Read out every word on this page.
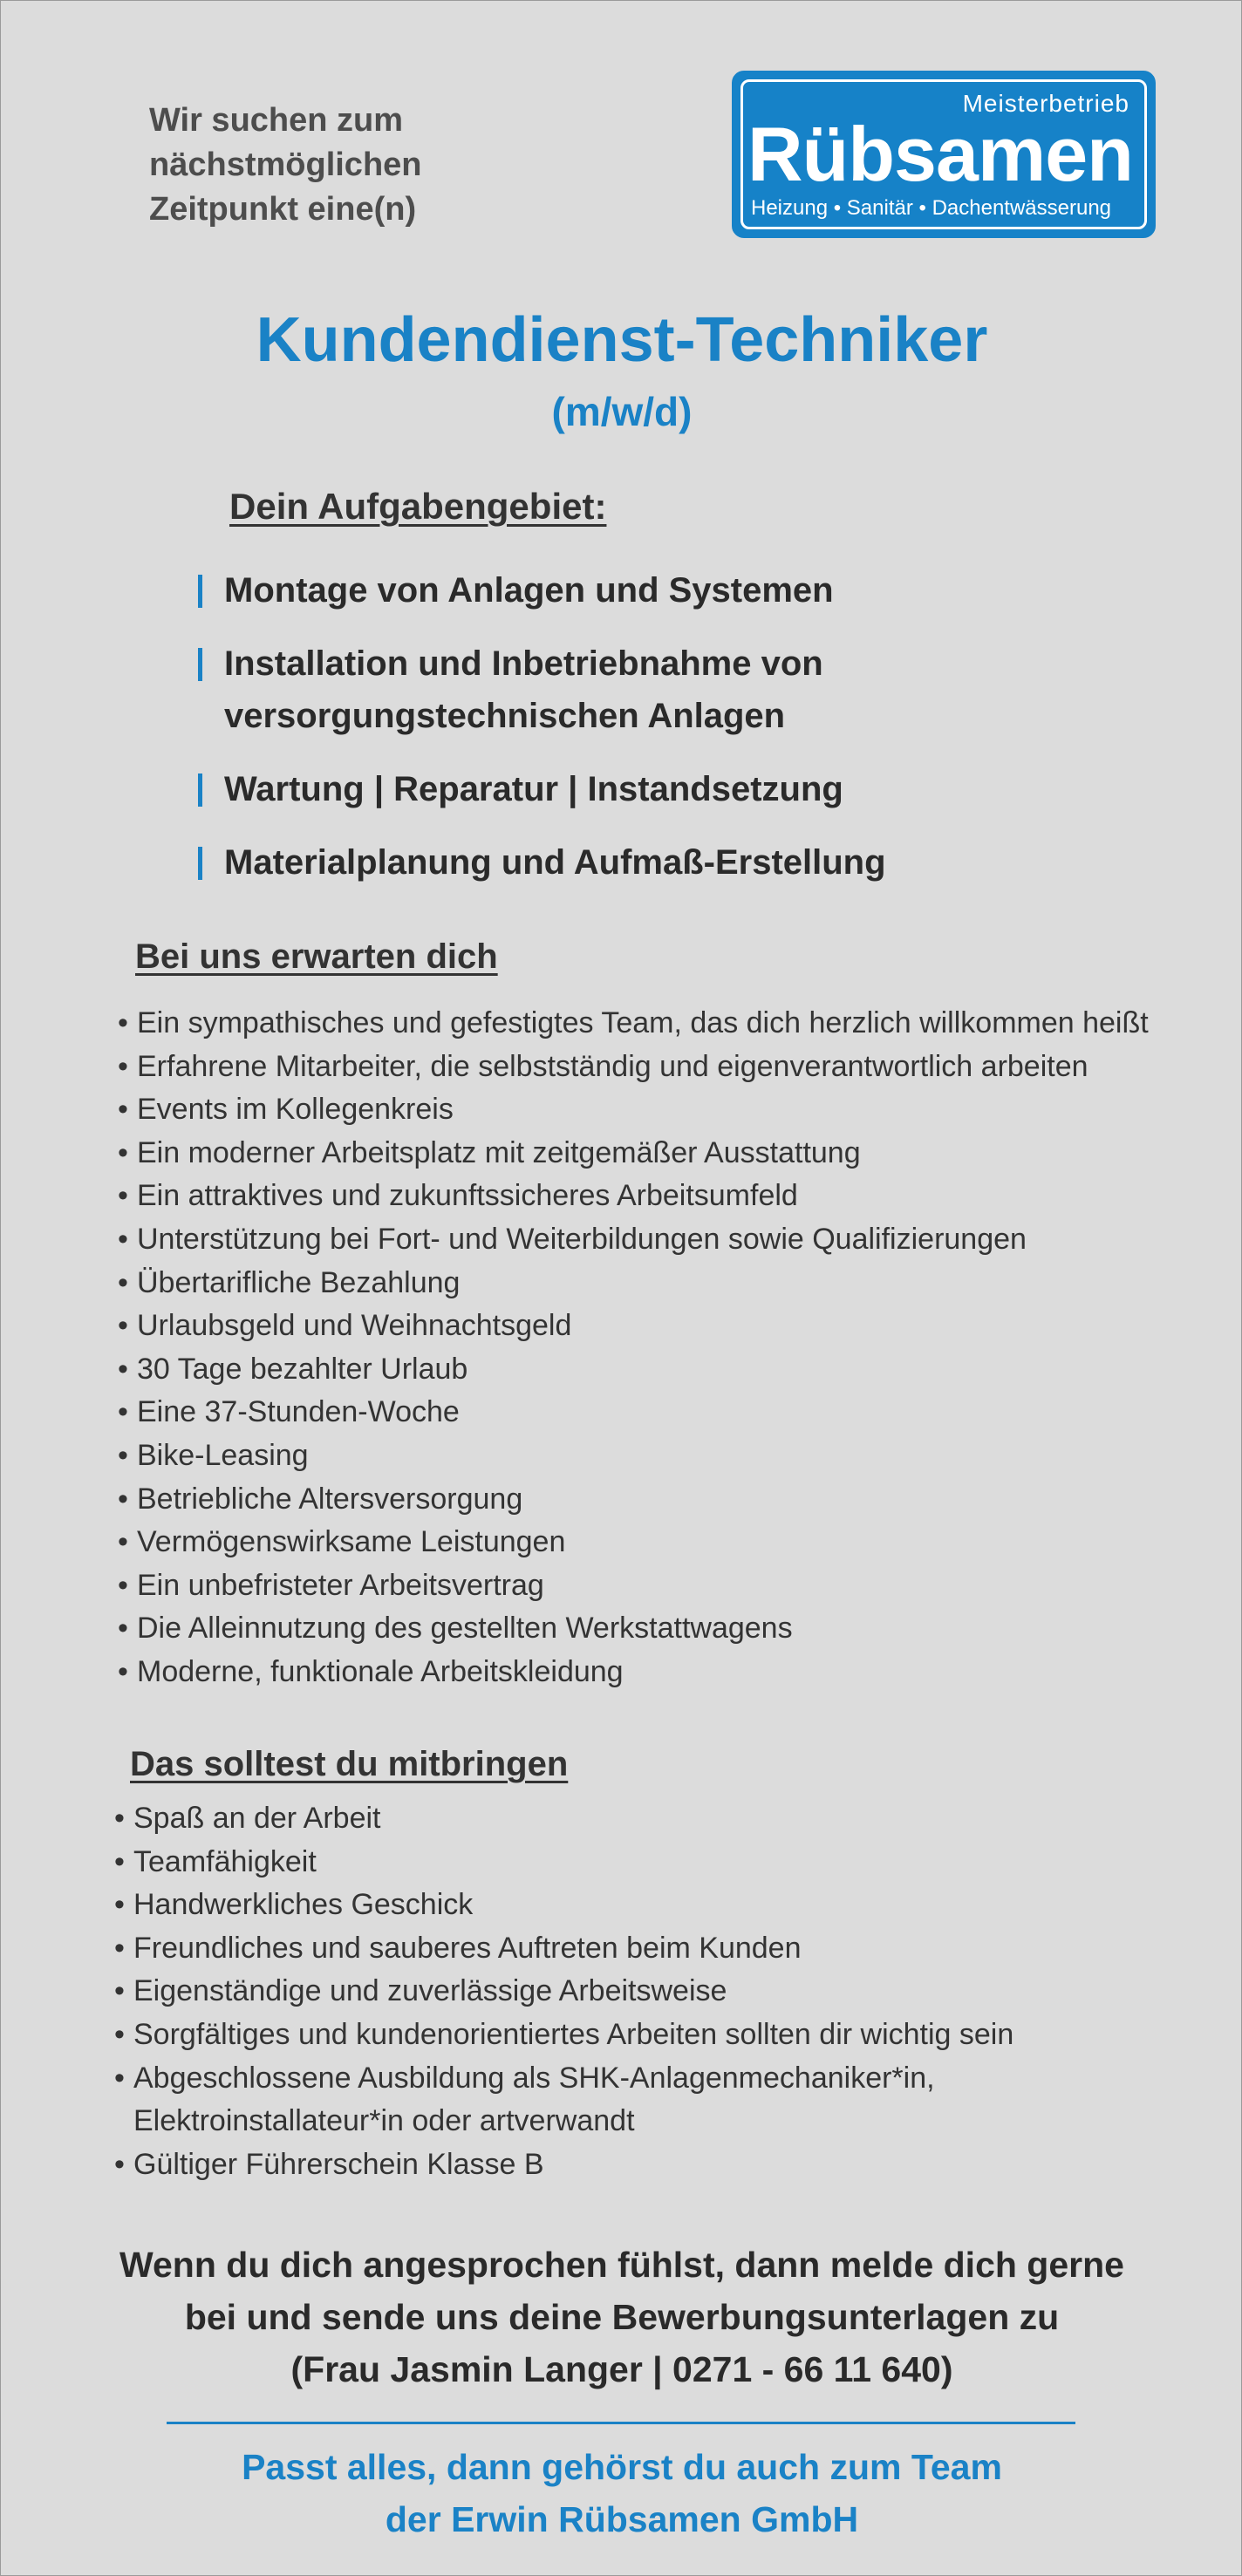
Wir suchen zum
nächstmöglichen
Zeitpunkt eine(n)
Meisterbetrieb
Rübsamen
Heizung • Sanitär • Dachentwässerung
Kundendienst-Techniker
(m/w/d)
Dein Aufgabengebiet:
Montage von Anlagen und Systemen
Installation und Inbetriebnahme von
versorgungstechnischen Anlagen
Wartung | Reparatur | Instandsetzung
Materialplanung und Aufmaß-Erstellung
Bei uns erwarten dich
• Ein sympathisches und gefestigtes Team, das dich herzlich willkommen heißt
• Erfahrene Mitarbeiter, die selbstständig und eigenverantwortlich arbeiten
• Events im Kollegenkreis
• Ein moderner Arbeitsplatz mit zeitgemäßer Ausstattung
• Ein attraktives und zukunftssicheres Arbeitsumfeld
• Unterstützung bei Fort- und Weiterbildungen sowie Qualifizierungen
• Übertarifliche Bezahlung
• Urlaubsgeld und Weihnachtsgeld
• 30 Tage bezahlter Urlaub
• Eine 37-Stunden-Woche
• Bike-Leasing
• Betriebliche Altersversorgung
• Vermögenswirksame Leistungen
• Ein unbefristeter Arbeitsvertrag
• Die Alleinnutzung des gestellten Werkstattwagens
• Moderne, funktionale Arbeitskleidung
Das solltest du mitbringen
• Spaß an der Arbeit
• Teamfähigkeit
• Handwerkliches Geschick
• Freundliches und sauberes Auftreten beim Kunden
• Eigenständige und zuverlässige Arbeitsweise
• Sorgfältiges und kundenorientiertes Arbeiten sollten dir wichtig sein
• Abgeschlossene Ausbildung als SHK-Anlagenmechaniker*in,
Elektroinstallateur*in oder artverwandt
• Gültiger Führerschein Klasse B
Wenn du dich angesprochen fühlst, dann melde dich gerne
bei und sende uns deine Bewerbungsunterlagen zu
(Frau Jasmin Langer | 0271 - 66 11 640)
Passt alles, dann gehörst du auch zum Team
der Erwin Rübsamen GmbH
